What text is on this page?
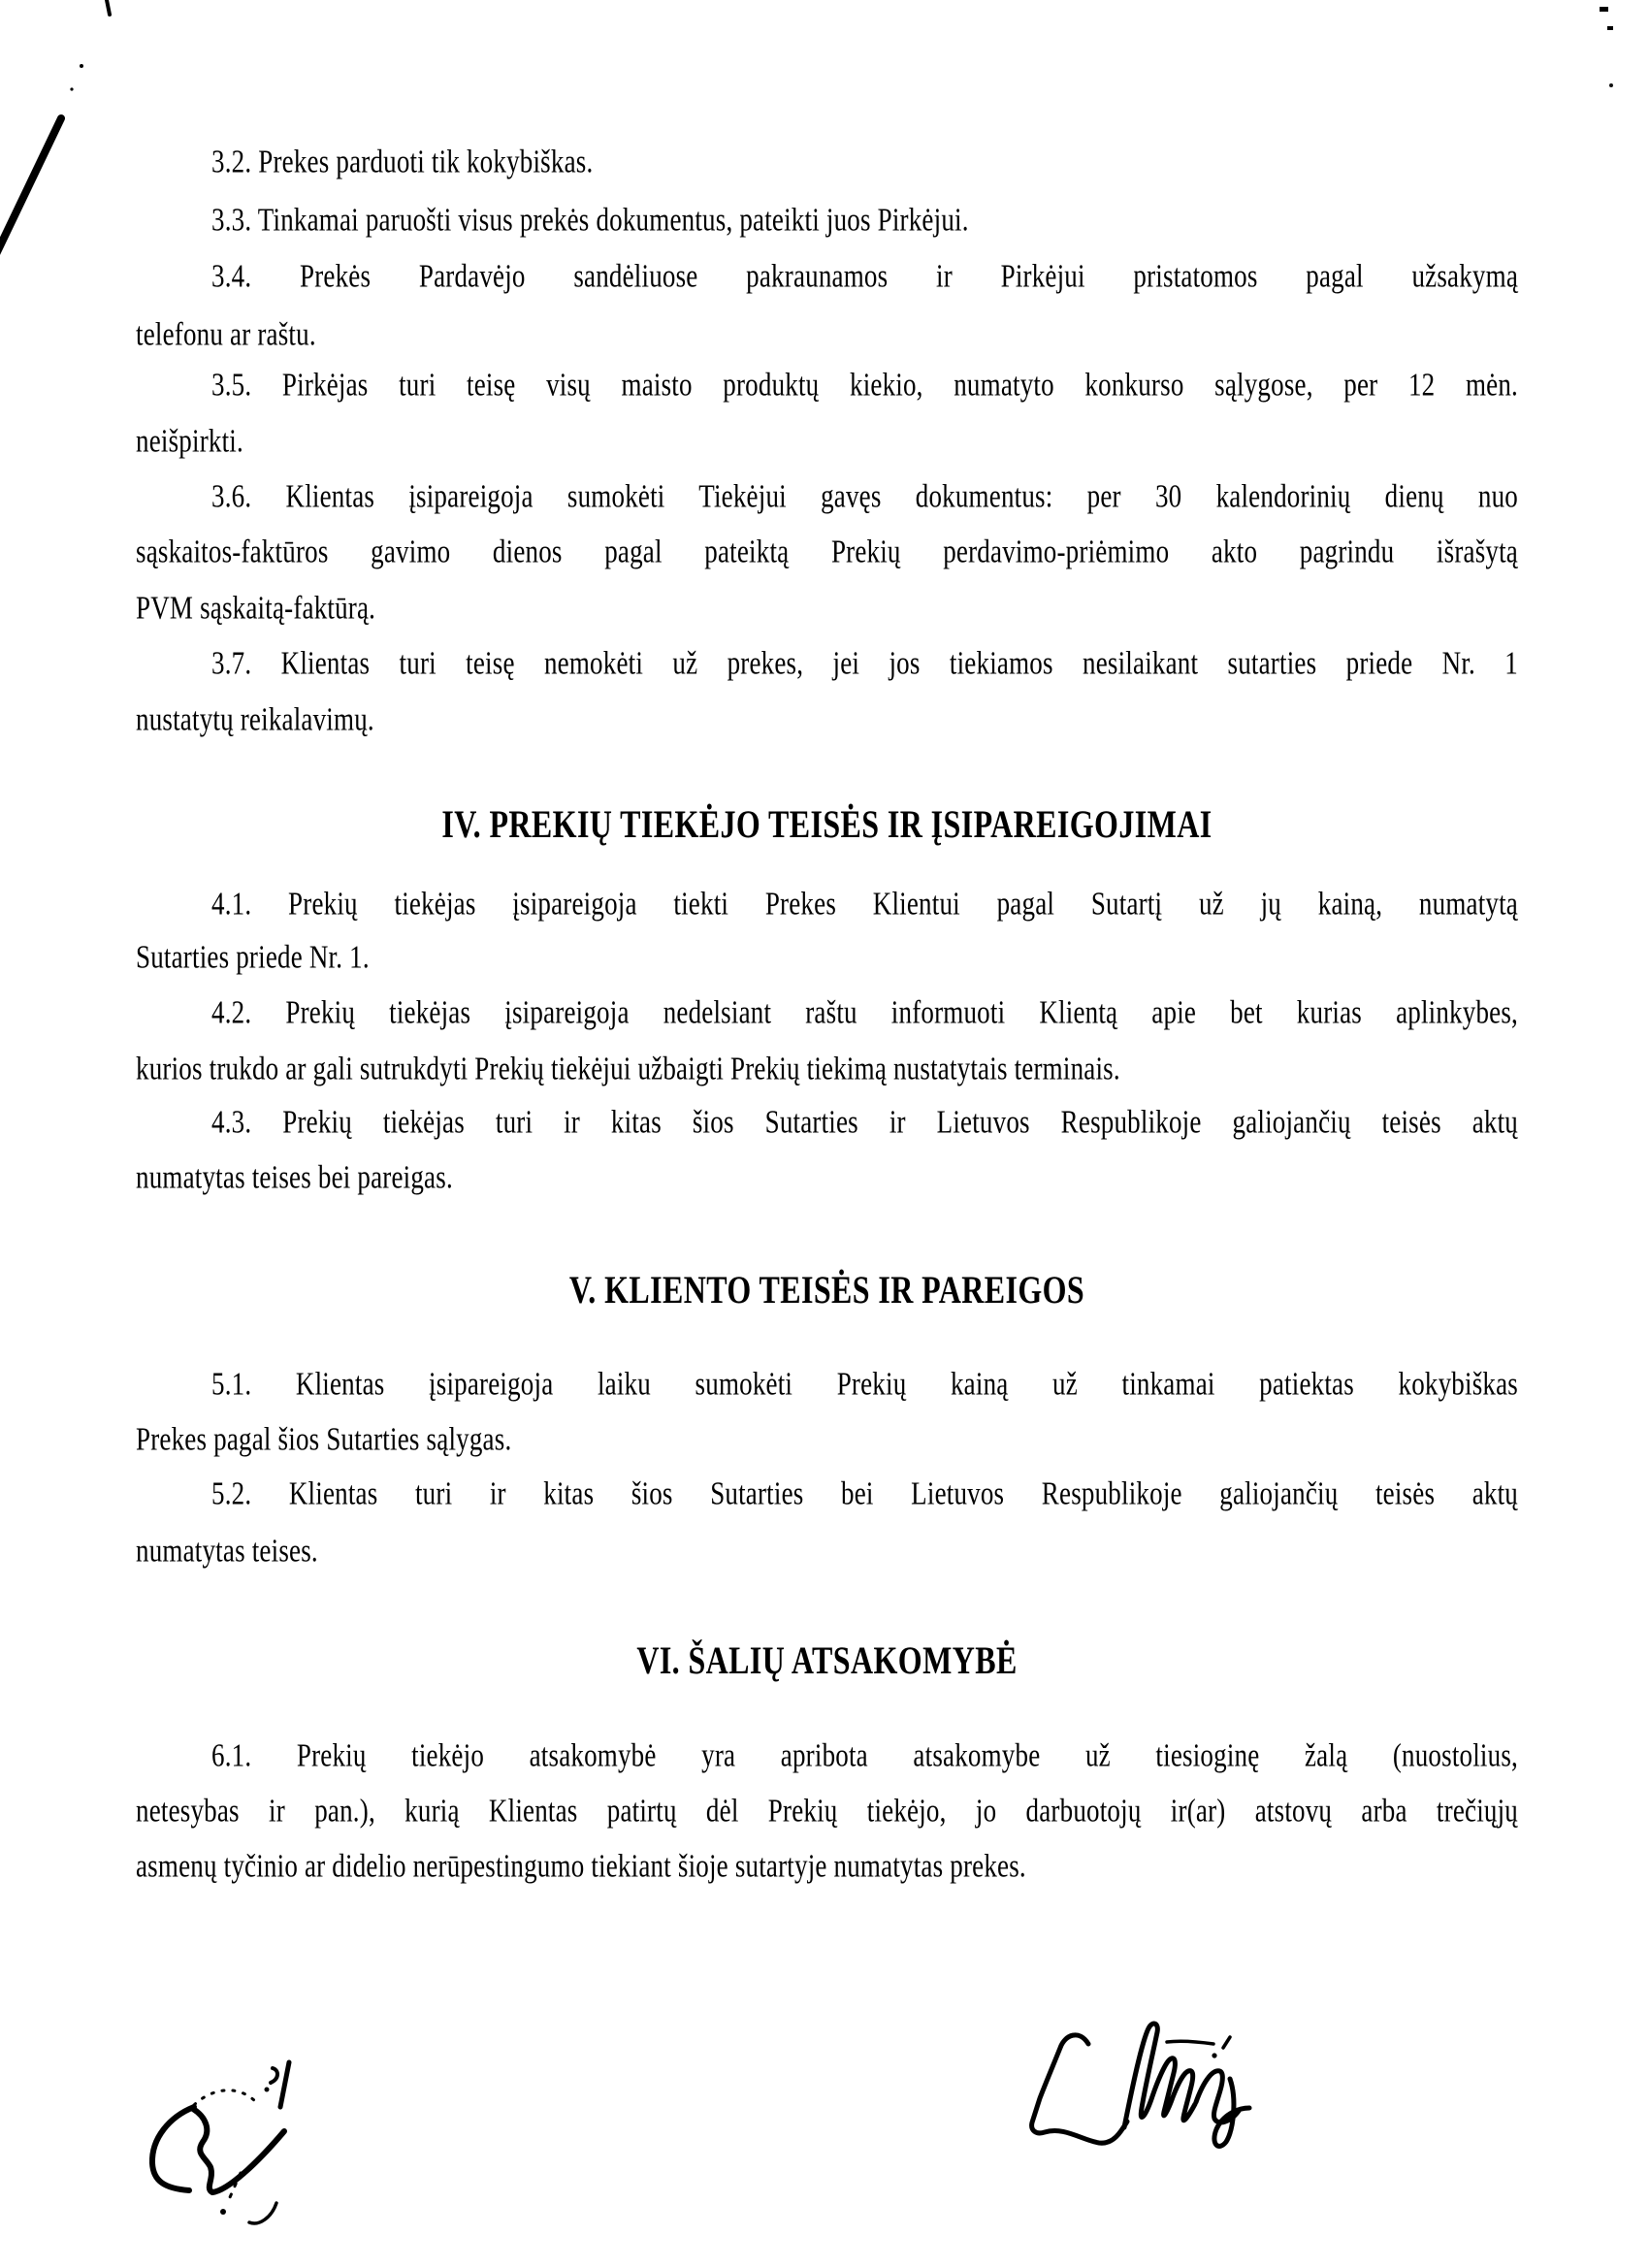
3.2. Prekes parduoti tik kokybiškas.
3.3. Tinkamai paruošti visus prekės dokumentus, pateikti juos Pirkėjui.
3.4. Prekės Pardavėjo sandėliuose pakraunamos ir Pirkėjui pristatomos pagal užsakymą
telefonu ar raštu.
3.5. Pirkėjas turi teisę visų maisto produktų kiekio, numatyto konkurso sąlygose, per 12 mėn.
neišpirkti.
3.6. Klientas įsipareigoja sumokėti Tiekėjui gavęs dokumentus: per 30 kalendorinių dienų nuo
sąskaitos-faktūros gavimo dienos pagal pateiktą Prekių perdavimo-priėmimo akto pagrindu išrašytą
PVM sąskaitą-faktūrą.
3.7. Klientas turi teisę nemokėti už prekes, jei jos tiekiamos nesilaikant sutarties priede Nr. 1
nustatytų reikalavimų.
IV. PREKIŲ TIEKĖJO TEISĖS IR ĮSIPAREIGOJIMAI
4.1. Prekių tiekėjas įsipareigoja tiekti Prekes Klientui pagal Sutartį už jų kainą, numatytą
Sutarties priede Nr. 1.
4.2. Prekių tiekėjas įsipareigoja nedelsiant raštu informuoti Klientą apie bet kurias aplinkybes,
kurios trukdo ar gali sutrukdyti Prekių tiekėjui užbaigti Prekių tiekimą nustatytais terminais.
4.3. Prekių tiekėjas turi ir kitas šios Sutarties ir Lietuvos Respublikoje galiojančių teisės aktų
numatytas teises bei pareigas.
V. KLIENTO TEISĖS IR PAREIGOS
5.1. Klientas įsipareigoja laiku sumokėti Prekių kainą už tinkamai patiektas kokybiškas
Prekes pagal šios Sutarties sąlygas.
5.2. Klientas turi ir kitas šios Sutarties bei Lietuvos Respublikoje galiojančių teisės aktų
numatytas teises.
VI. ŠALIŲ ATSAKOMYBĖ
6.1. Prekių tiekėjo atsakomybė yra apribota atsakomybe už tiesioginę žalą (nuostolius,
netesybas ir pan.), kurią Klientas patirtų dėl Prekių tiekėjo, jo darbuotojų ir(ar) atstovų arba trečiųjų
asmenų tyčinio ar didelio nerūpestingumo tiekiant šioje sutartyje numatytas prekes.
